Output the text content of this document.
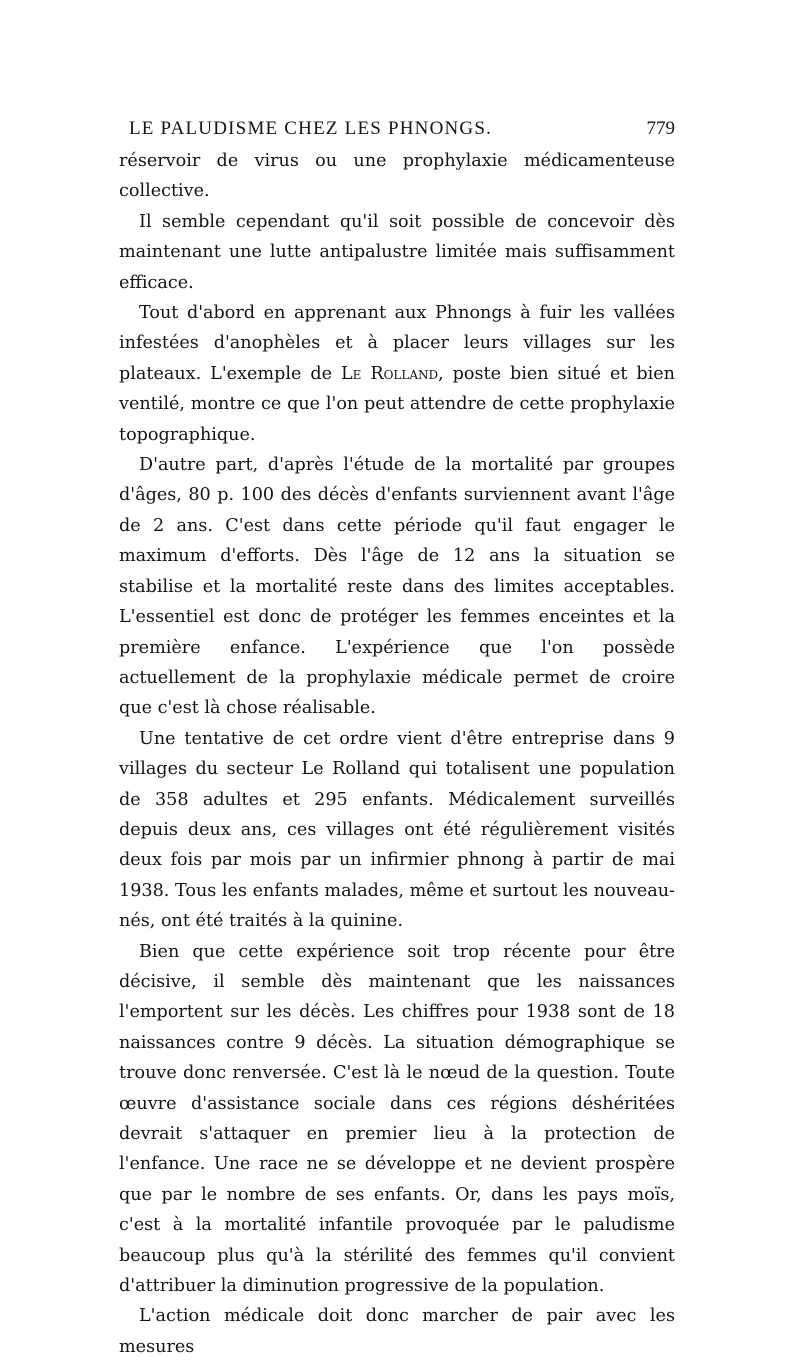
LE PALUDISME CHEZ LES PHNONGS.	779

réservoir de virus ou une prophylaxie médicamenteuse collective.

Il semble cependant qu'il soit possible de concevoir dès maintenant une lutte antipalustre limitée mais suffisamment efficace.

Tout d'abord en apprenant aux Phnongs à fuir les vallées infestées d'anophèles et à placer leurs villages sur les plateaux. L'exemple de Le Rolland, poste bien situé et bien ventilé, montre ce que l'on peut attendre de cette prophylaxie topographique.

D'autre part, d'après l'étude de la mortalité par groupes d'âges, 80 p. 100 des décès d'enfants surviennent avant l'âge de 2 ans. C'est dans cette période qu'il faut engager le maximum d'efforts. Dès l'âge de 12 ans la situation se stabilise et la mortalité reste dans des limites acceptables. L'essentiel est donc de protéger les femmes enceintes et la première enfance. L'expérience que l'on possède actuellement de la prophylaxie médicale permet de croire que c'est là chose réalisable.

Une tentative de cet ordre vient d'être entreprise dans 9 villages du secteur Le Rolland qui totalisent une population de 358 adultes et 295 enfants. Médicalement surveillés depuis deux ans, ces villages ont été régulièrement visités deux fois par mois par un infirmier phnong à partir de mai 1938. Tous les enfants malades, même et surtout les nouveau-nés, ont été traités à la quinine.

Bien que cette expérience soit trop récente pour être décisive, il semble dès maintenant que les naissances l'emportent sur les décès. Les chiffres pour 1938 sont de 18 naissances contre 9 décès. La situation démographique se trouve donc renversée. C'est là le nœud de la question. Toute œuvre d'assistance sociale dans ces régions déshéritées devrait s'attaquer en premier lieu à la protection de l'enfance. Une race ne se développe et ne devient prospère que par le nombre de ses enfants. Or, dans les pays moïs, c'est à la mortalité infantile provoquée par le paludisme beaucoup plus qu'à la stérilité des femmes qu'il convient d'attribuer la diminution progressive de la population.

L'action médicale doit donc marcher de pair avec les mesures
